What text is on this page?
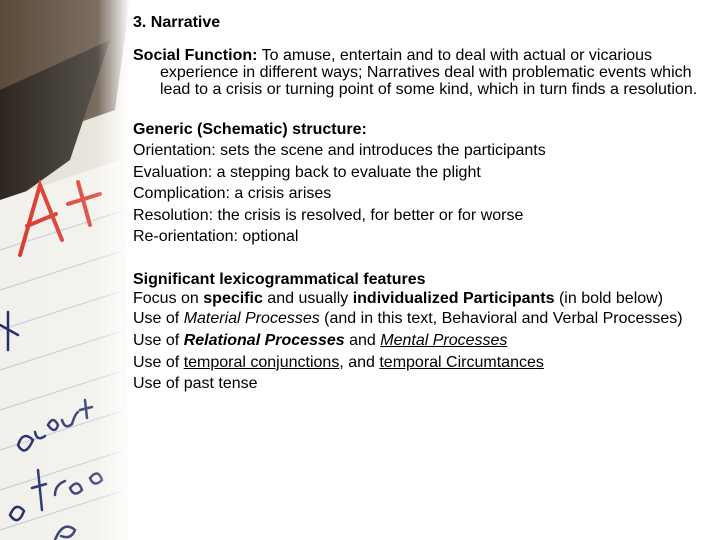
3. Narrative

Social Function: To amuse, entertain and to deal with actual or vicarious experience in different ways; Narratives deal with problematic events which lead to a crisis or turning point of some kind, which in turn finds a resolution.

Generic (Schematic) structure:
Orientation: sets the scene and introduces the participants
Evaluation: a stepping back to evaluate the plight
Complication: a crisis arises
Resolution: the crisis is resolved, for better or for worse
Re-orientation: optional
Significant lexicogrammatical features

Focus on specific and usually individualized Participants (in bold below)

Use of Material Processes (and in this text, Behavioral and Verbal Processes)

Use of Relational Processes and Mental Processes
Use of temporal conjunctions, and temporal Circumtances
Use of past tense
